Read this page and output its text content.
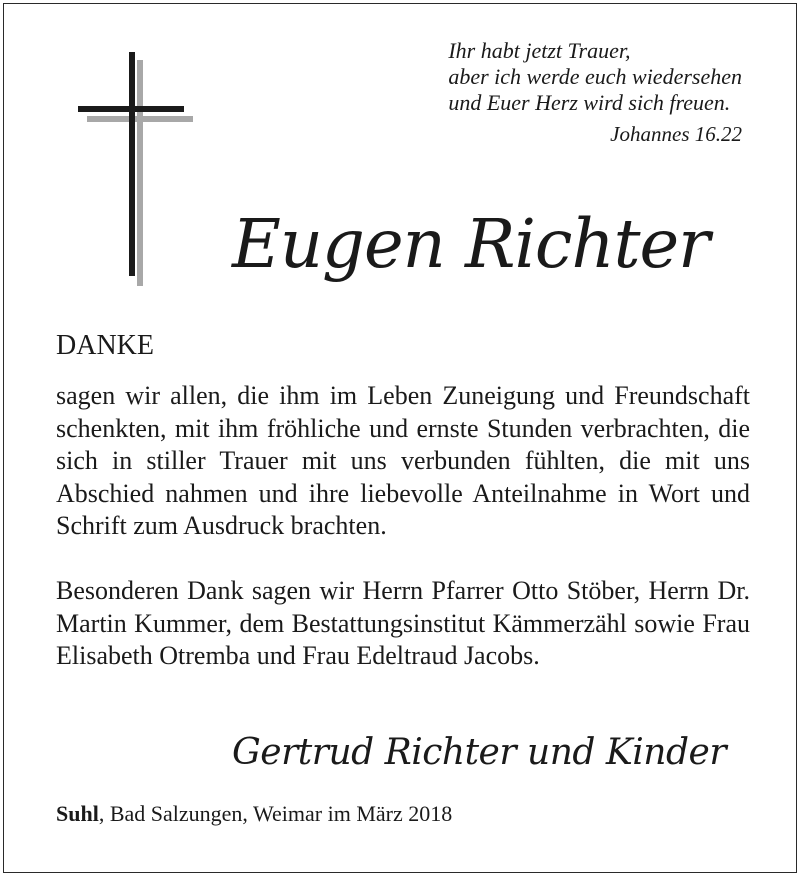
Ihr habt jetzt Trauer,
aber ich werde euch wiedersehen
und Euer Herz wird sich freuen.
Johannes 16.22
Eugen Richter
DANKE
sagen wir allen, die ihm im Leben Zuneigung und Freundschaft schenkten, mit ihm fröhliche und ernste Stunden verbrachten, die sich in stiller Trauer mit uns verbunden fühlten, die mit uns Abschied nahmen und ihre liebevolle Anteilnahme in Wort und Schrift zum Ausdruck brachten.
Besonderen Dank sagen wir Herrn Pfarrer Otto Stöber, Herrn Dr. Martin Kummer, dem Bestattungsinstitut Kämmerzähl sowie Frau Elisabeth Otremba und Frau Edeltraud Jacobs.
Gertrud Richter und Kinder
Suhl, Bad Salzungen, Weimar im März 2018
